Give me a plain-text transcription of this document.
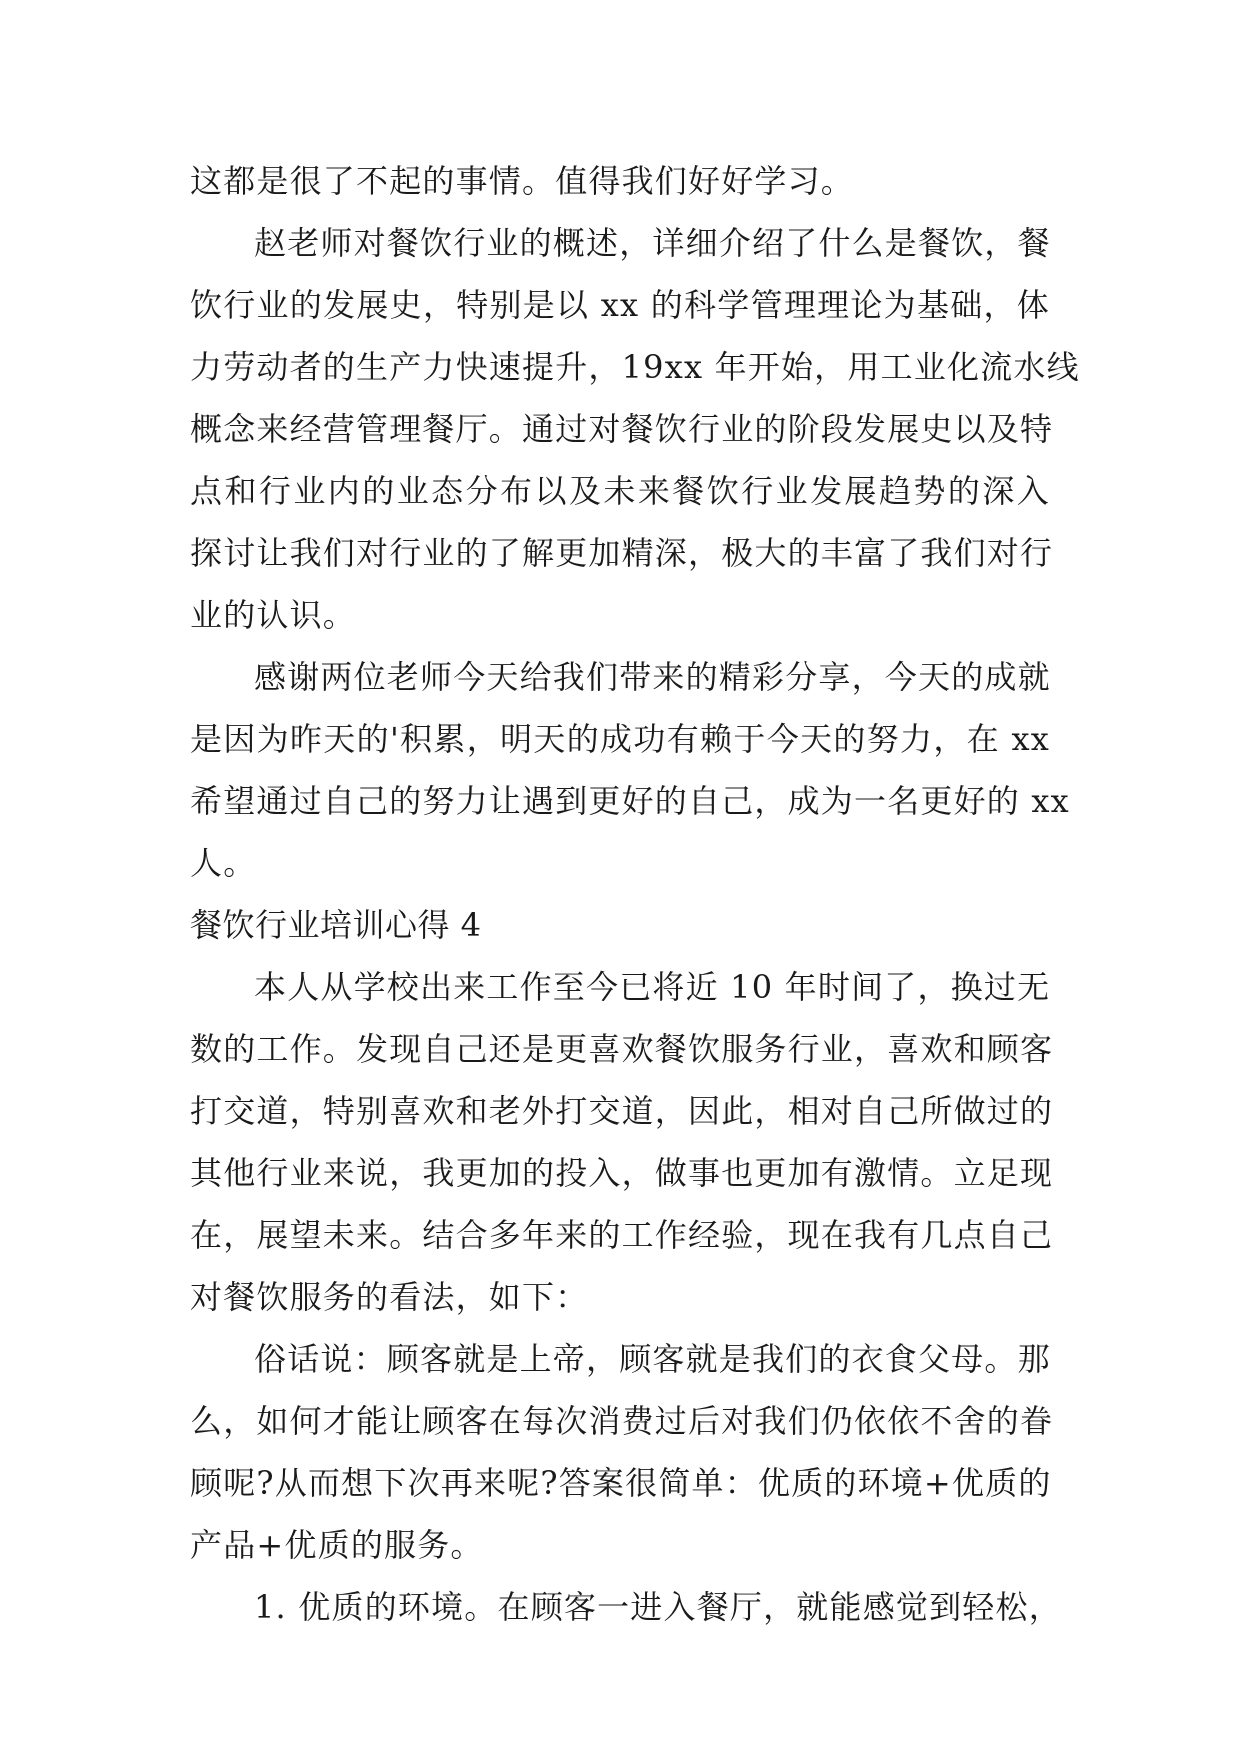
这都是很了不起的事情。值得我们好好学习。
赵老师对餐饮行业的概述，详细介绍了什么是餐饮，餐
饮行业的发展史，特别是以 xx 的科学管理理论为基础，体
力劳动者的生产力快速提升，19xx 年开始，用工业化流水线
概念来经营管理餐厅。通过对餐饮行业的阶段发展史以及特
点和行业内的业态分布以及未来餐饮行业发展趋势的深入
探讨让我们对行业的了解更加精深，极大的丰富了我们对行
业的认识。
感谢两位老师今天给我们带来的精彩分享，今天的成就
是因为昨天的'积累，明天的成功有赖于今天的努力，在 xx
希望通过自己的努力让遇到更好的自己，成为一名更好的 xx
人。
餐饮行业培训心得 4
本人从学校出来工作至今已将近 10 年时间了，换过无
数的工作。发现自己还是更喜欢餐饮服务行业，喜欢和顾客
打交道，特别喜欢和老外打交道，因此，相对自己所做过的
其他行业来说，我更加的投入，做事也更加有激情。立足现
在，展望未来。结合多年来的工作经验，现在我有几点自己
对餐饮服务的看法，如下：
俗话说：顾客就是上帝，顾客就是我们的衣食父母。那
么，如何才能让顾客在每次消费过后对我们仍依依不舍的眷
顾呢?从而想下次再来呢?答案很简单：优质的环境+优质的
产品+优质的服务。
1. 优质的环境。在顾客一进入餐厅，就能感觉到轻松，
